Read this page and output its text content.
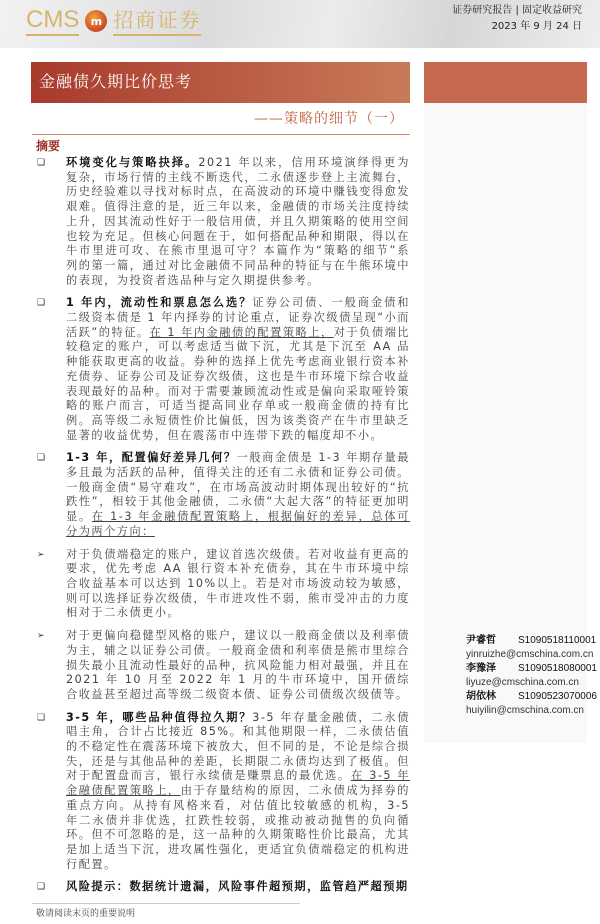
CMS	m 招商证券	证券研究报告 | 固定收益研究
2023 年 9 月 24 日
金融债久期比价思考
——策略的细节（一）
摘要
❑ 环境变化与策略抉择。2021 年以来，信用环境演绎得更为复杂，市场行情的主线不断迭代，二永债逐步登上主流舞台，历史经验难以寻找对标时点，在高波动的环境中赚钱变得愈发艰难。值得注意的是，近三年以来，金融债的市场关注度持续上升，因其流动性好于一般信用债，并且久期策略的使用空间也较为充足。但核心问题在于，如何搭配品种和期限，得以在牛市里进可攻、在熊市里退可守？本篇作为“策略的细节”系列的第一篇，通过对比金融债不同品种的特征与在牛熊环境中的表现，为投资者选品种与定久期提供参考。

❑ 1 年内，流动性和票息怎么选？证券公司债、一般商金债和二级资本债是 1 年内择券的讨论重点，证券次级债呈现“小而活跃”的特征。在 1 年内金融债的配置策略上，对于负债端比较稳定的账户，可以考虑适当做下沉，尤其是下沉至 AA 品种能获取更高的收益。券种的选择上优先考虑商业银行资本补充债券、证券公司及证券次级债，这也是牛市环境下综合收益表现最好的品种。而对于需要兼顾流动性或是偏向采取哑铃策略的账户而言，可适当提高同业存单或一般商金债的持有比例。高等级二永短债性价比偏低，因为该类资产在牛市里缺乏显著的收益优势，但在震荡市中连带下跌的幅度却不小。

❑ 1-3 年，配置偏好差异几何？一般商金债是 1-3 年期存量最多且最为活跃的品种，值得关注的还有二永债和证券公司债。一般商金债“易守难攻”，在市场高波动时期体现出较好的“抗跌性”，相较于其他金融债，二永债“大起大落”的特征更加明显。在 1-3 年金融债配置策略上，根据偏好的差异，总体可分为两个方向：

➢ 对于负债端稳定的账户，建议首选次级债。若对收益有更高的要求，优先考虑 AA 银行资本补充债券，其在牛市环境中综合收益基本可以达到 10%以上。若是对市场波动较为敏感，则可以选择证券次级债，牛市进攻性不弱，熊市受冲击的力度相对于二永债更小。

➢ 对于更偏向稳健型风格的账户，建议以一般商金债以及利率债为主，辅之以证券公司债。一般商金债和利率债是熊市里综合损失最小且流动性最好的品种，抗风险能力相对最强，并且在 2021 年 10 月至 2022 年 1 月的牛市环境中，国开债综合收益甚至超过高等级二级资本债、证券公司债级次级债等。

❑ 3-5 年，哪些品种值得拉久期？3-5 年存量金融债，二永债唱主角，合计占比接近 85%。和其他期限一样，二永债估值的不稳定性在震荡环境下被放大，但不同的是，不论是综合损失，还是与其他品种的差距，长期限二永债均达到了极值。但对于配置盘而言，银行永续债是赚票息的最优选。在 3-5 年金融债配置策略上，由于存量结构的原因，二永债成为择券的重点方向。从持有风格来看，对估值比较敏感的机构，3-5 年二永债并非优选，扛跌性较弱，或推动被动抛售的负向循环。但不可忽略的是，这一品种的久期策略性价比最高，尤其是加上适当下沉，进攻属性强化，更适宜负债端稳定的机构进行配置。

❑ 风险提示：数据统计遗漏，风险事件超预期，监管趋严超预期

尹睿哲 S1090518110001
yinruizhe@cmschina.com.cn
李豫泽 S1090518080001
liyuze@cmschina.com.cn
胡依林 S1090523070006
huiyilin@cmschina.com.cn
敬请阅读末页的重要说明
